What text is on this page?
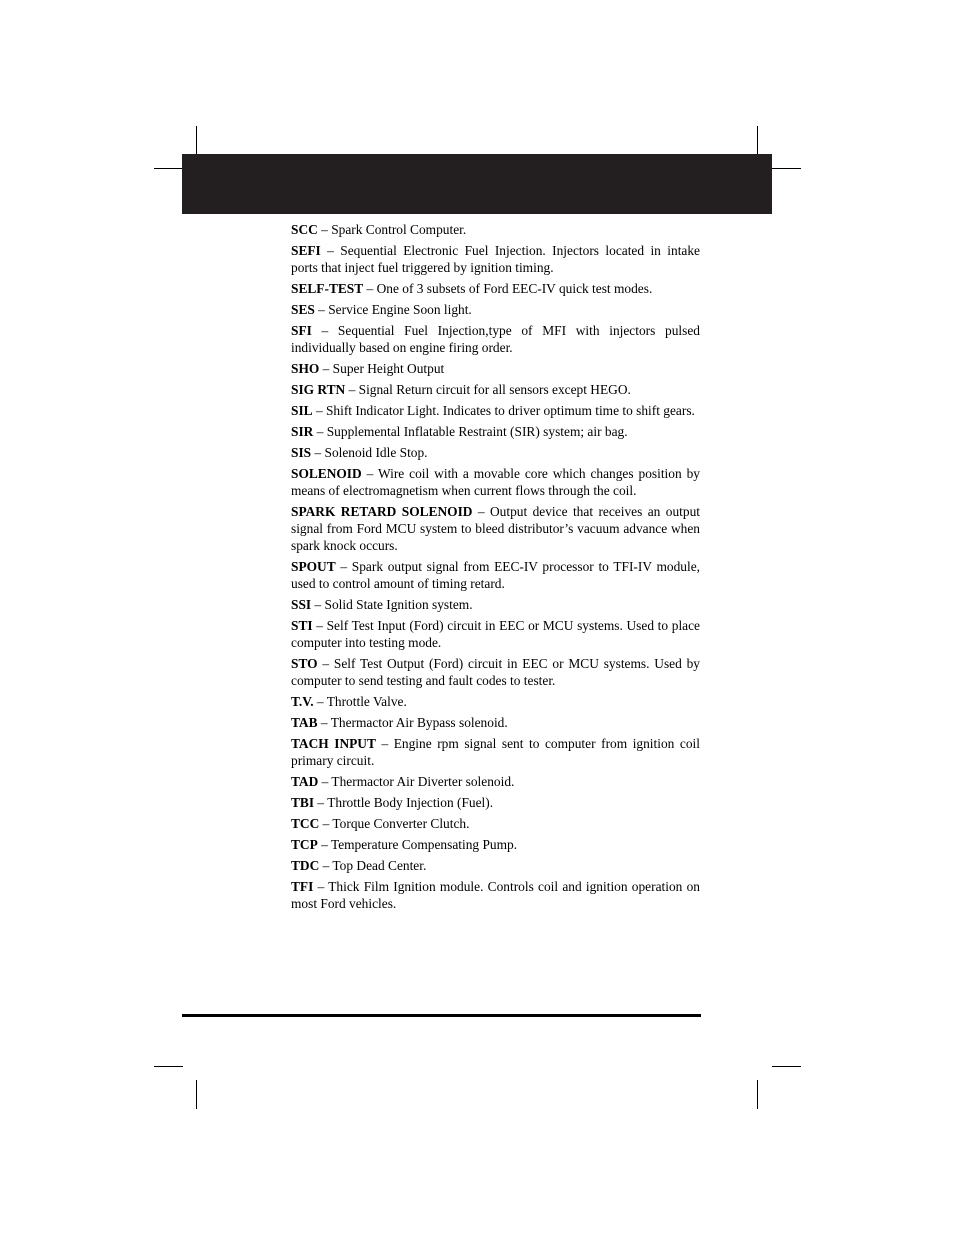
SCC – Spark Control Computer.

SEFI – Sequential Electronic Fuel Injection. Injectors located in intake ports that inject fuel triggered by ignition timing.

SELF-TEST – One of 3 subsets of Ford EEC-IV quick test modes.

SES – Service Engine Soon light.

SFI – Sequential Fuel Injection,type of MFI with injectors pulsed individually based on engine firing order.

SHO – Super Height Output

SIG RTN – Signal Return circuit for all sensors except HEGO.

SIL – Shift Indicator Light. Indicates to driver optimum time to shift gears.

SIR – Supplemental Inflatable Restraint (SIR) system; air bag.

SIS – Solenoid Idle Stop.

SOLENOID – Wire coil with a movable core which changes position by means of electromagnetism when current flows through the coil.

SPARK RETARD SOLENOID – Output device that receives an output signal from Ford MCU system to bleed distributor’s vacuum advance when spark knock occurs.

SPOUT – Spark output signal from EEC-IV processor to TFI-IV module, used to control amount of timing retard.

SSI – Solid State Ignition system.

STI – Self Test Input (Ford) circuit in EEC or MCU systems. Used to place computer into testing mode.

STO – Self Test Output (Ford) circuit in EEC or MCU systems. Used by computer to send testing and fault codes to tester.

T.V. – Throttle Valve.

TAB – Thermactor Air Bypass solenoid.

TACH INPUT – Engine rpm signal sent to computer from ignition coil primary circuit.

TAD – Thermactor Air Diverter solenoid.

TBI – Throttle Body Injection (Fuel).

TCC – Torque Converter Clutch.

TCP – Temperature Compensating Pump.

TDC – Top Dead Center.

TFI – Thick Film Ignition module. Controls coil and ignition operation on most Ford vehicles.
